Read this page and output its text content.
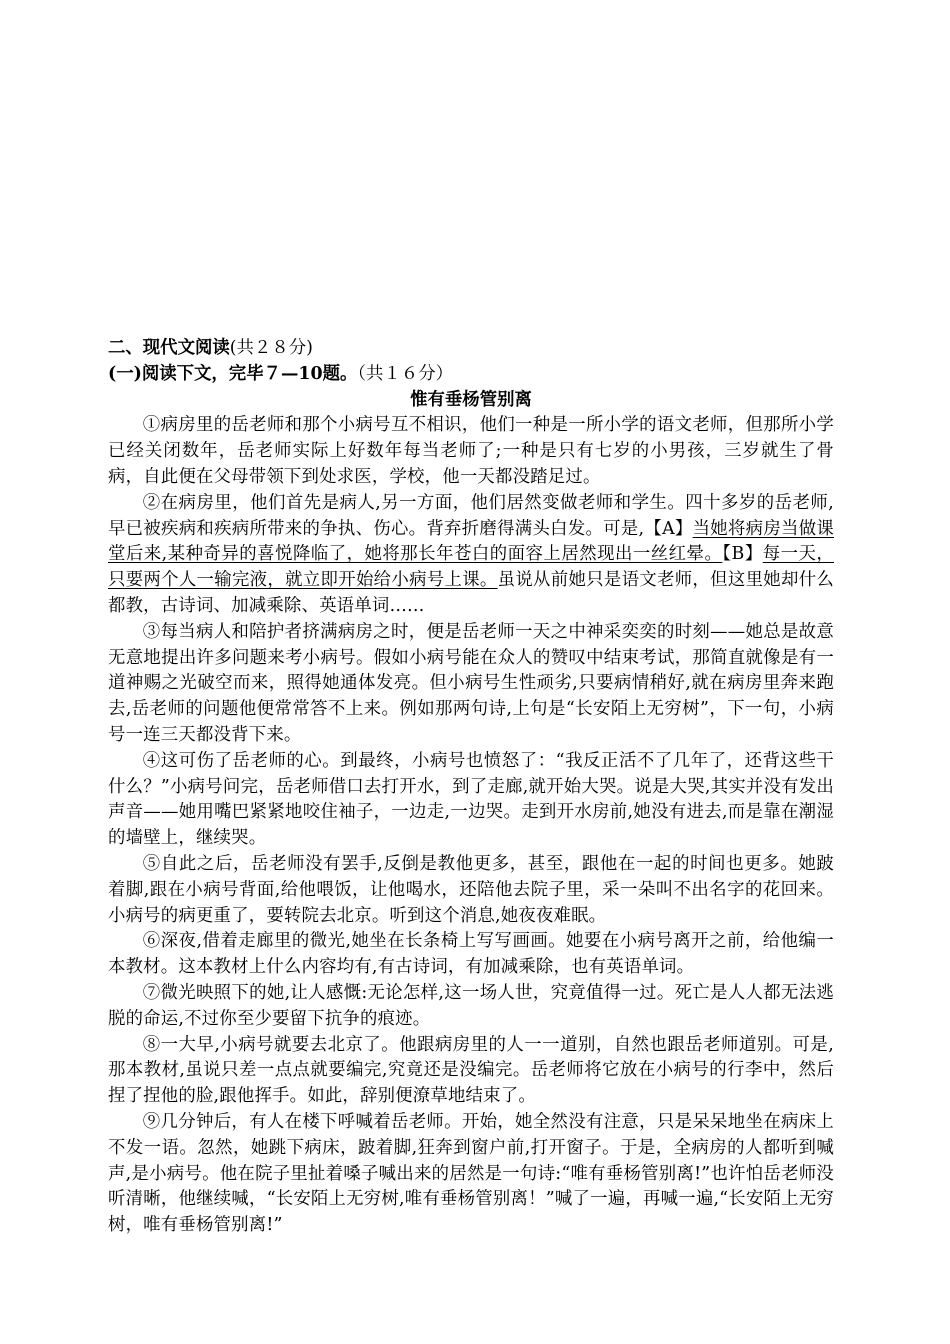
二、现代文阅读(共２８分)

(一)阅读下文，完毕７—10题。（共１６分）

惟有垂杨管别离

①病房里的岳老师和那个小病号互不相识，他们一种是一所小学的语文老师，但那所小学已经关闭数年，岳老师实际上好数年每当老师了;一种是只有七岁的小男孩，三岁就生了骨病，自此便在父母带领下到处求医，学校，他一天都没踏足过。

②在病房里，他们首先是病人,另一方面，他们居然变做老师和学生。四十多岁的岳老师,早已被疾病和疾病所带来的争执、伤心。背弃折磨得满头白发。可是,【A】当她将病房当做课堂后来,某种奇异的喜悦降临了，她将那长年苍白的面容上居然现出一丝红晕。【B】每一天，只要两个人一输完液，就立即开始给小病号上课。虽说从前她只是语文老师，但这里她却什么都教，古诗词、加减乘除、英语单词……

③每当病人和陪护者挤满病房之时，便是岳老师一天之中神采奕奕的时刻——她总是故意无意地提出许多问题来考小病号。假如小病号能在众人的赞叹中结束考试，那简直就像是有一道神赐之光破空而来，照得她通体发亮。但小病号生性顽劣,只要病情稍好,就在病房里奔来跑去,岳老师的问题他便常常答不上来。例如那两句诗,上句是“长安陌上无穷树”，下一句，小病号一连三天都没背下来。

④这可伤了岳老师的心。到最终，小病号也愤怒了：“我反正活不了几年了，还背这些干什么？”小病号问完，岳老师借口去打开水，到了走廊,就开始大哭。说是大哭,其实并没有发出声音——她用嘴巴紧紧地咬住袖子，一边走,一边哭。走到开水房前,她没有进去,而是靠在潮湿的墙壁上，继续哭。

⑤自此之后，岳老师没有罢手,反倒是教他更多，甚至，跟他在一起的时间也更多。她跛着脚,跟在小病号背面,给他喂饭，让他喝水，还陪他去院子里，采一朵叫不出名字的花回来。小病号的病更重了，要转院去北京。听到这个消息,她夜夜难眠。

⑥深夜,借着走廊里的微光,她坐在长条椅上写写画画。她要在小病号离开之前，给他编一本教材。这本教材上什么内容均有,有古诗词，有加减乘除，也有英语单词。

⑦微光映照下的她,让人感慨:无论怎样,这一场人世，究竟值得一过。死亡是人人都无法逃脱的命运,不过你至少要留下抗争的痕迹。

⑧一大早,小病号就要去北京了。他跟病房里的人一一道别，自然也跟岳老师道别。可是,那本教材,虽说只差一点点就要编完,究竟还是没编完。岳老师将它放在小病号的行李中，然后捏了捏他的脸,跟他挥手。如此，辞别便潦草地结束了。

⑨几分钟后，有人在楼下呼喊着岳老师。开始，她全然没有注意，只是呆呆地坐在病床上不发一语。忽然，她跳下病床，跛着脚,狂奔到窗户前,打开窗子。于是，全病房的人都听到喊声,是小病号。他在院子里扯着嗓子喊出来的居然是一句诗:“唯有垂杨管别离!”也许怕岳老师没听清晰，他继续喊，“长安陌上无穷树,唯有垂杨管别离！”喊了一遍，再喊一遍,“长安陌上无穷树，唯有垂杨管别离!”
